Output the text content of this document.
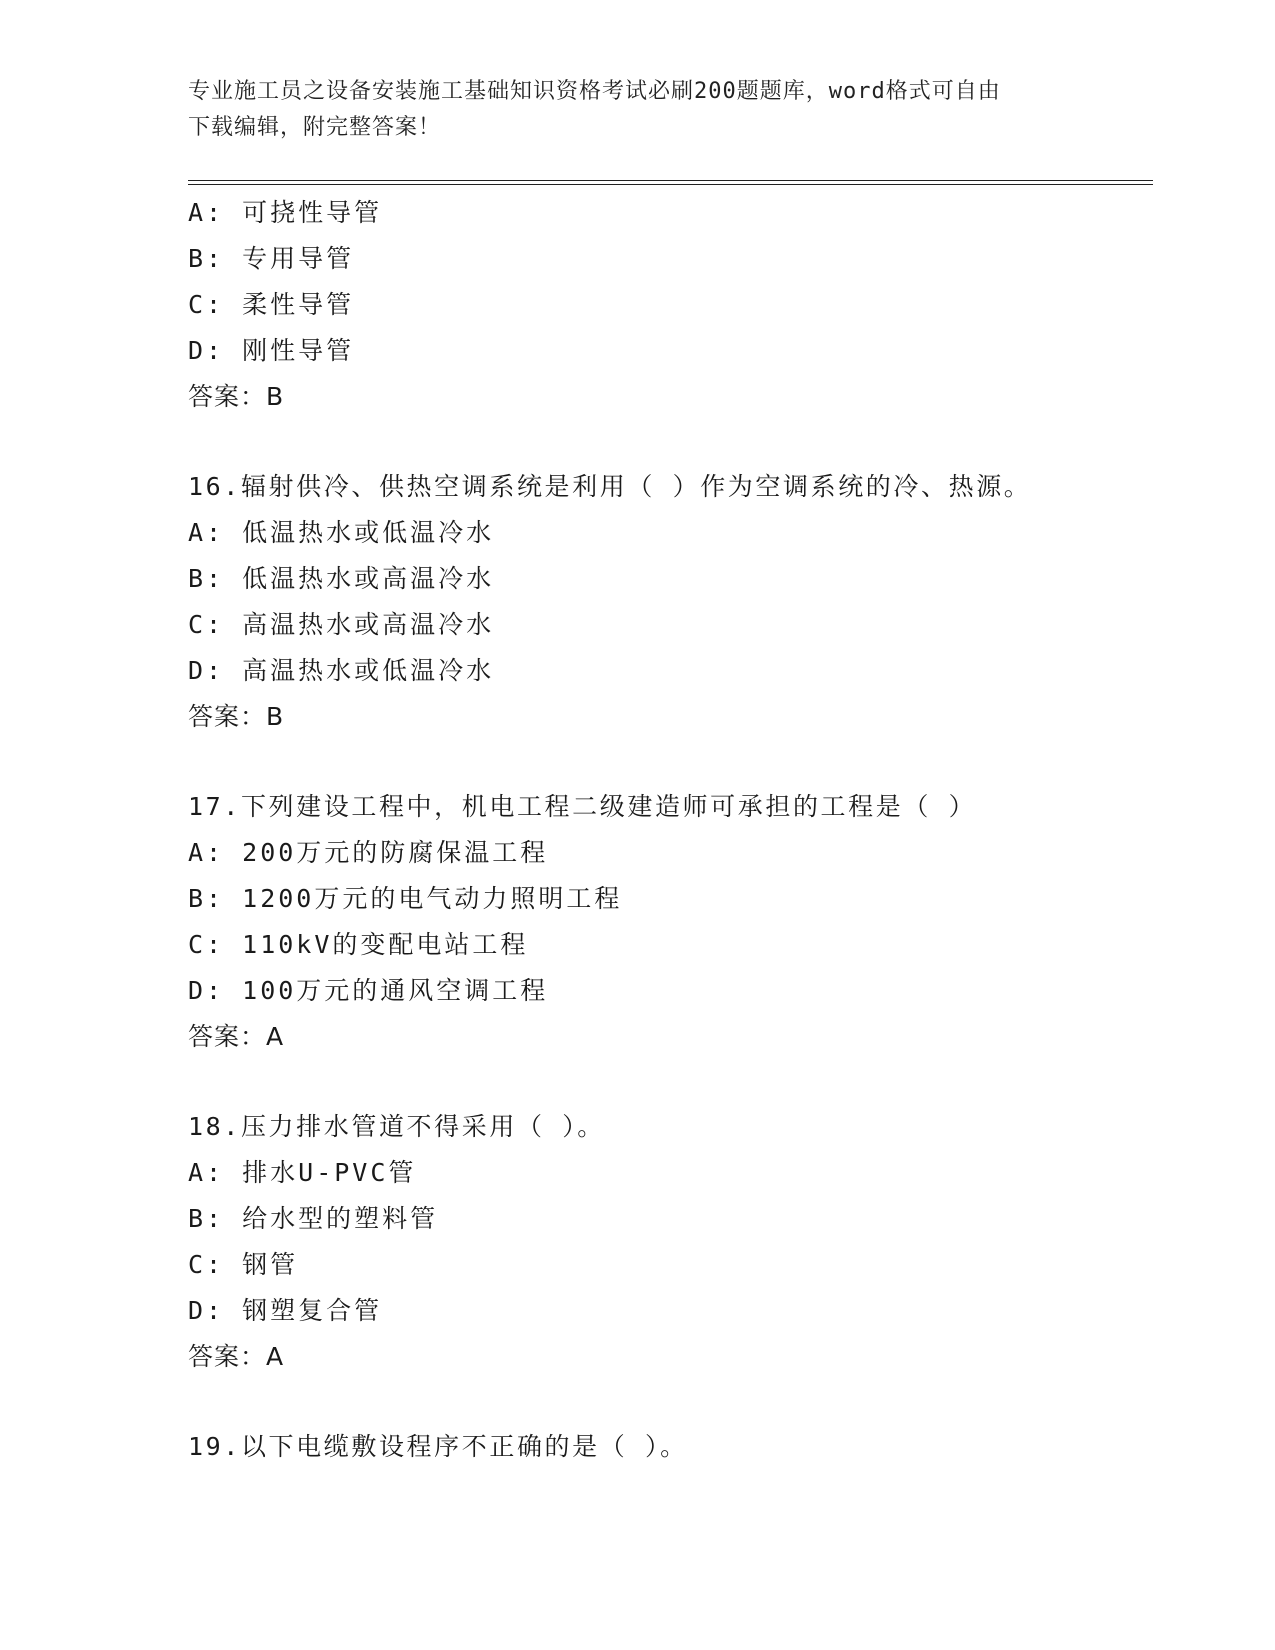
专业施工员之设备安装施工基础知识资格考试必刷200题题库，word格式可自由
下载编辑，附完整答案！
A: 可挠性导管
B: 专用导管
C: 柔性导管
D: 刚性导管
答案：B
16.辐射供冷、供热空调系统是利用（ ）作为空调系统的冷、热源。
A: 低温热水或低温冷水
B: 低温热水或高温冷水
C: 高温热水或高温冷水
D: 高温热水或低温冷水
答案：B
17.下列建设工程中，机电工程二级建造师可承担的工程是（ ）
A: 200万元的防腐保温工程
B: 1200万元的电气动力照明工程
C: 110kV的变配电站工程
D: 100万元的通风空调工程
答案：A
18.压力排水管道不得采用（ ）。
A: 排水U-PVC管
B: 给水型的塑料管
C: 钢管
D: 钢塑复合管
答案：A
19.以下电缆敷设程序不正确的是（ ）。
